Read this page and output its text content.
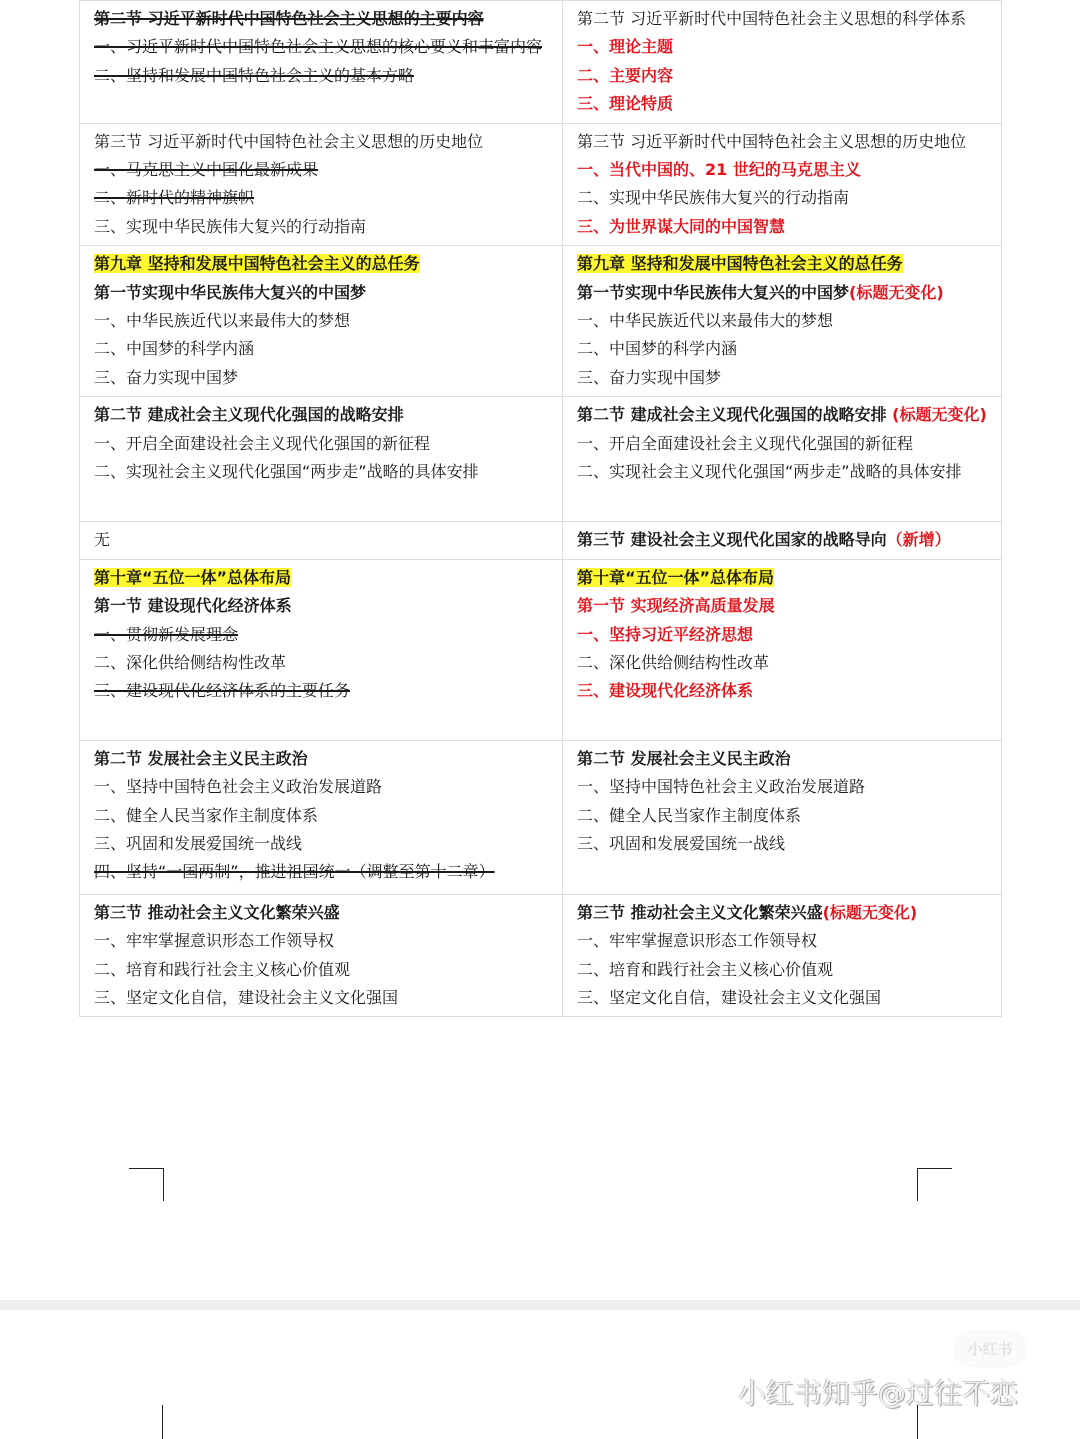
第二节 习近平新时代中国特色社会主义思想的主要内容
一、习近平新时代中国特色社会主义思想的核心要义和丰富内容
二、坚持和发展中国特色社会主义的基本方略	第二节 习近平新时代中国特色社会主义思想的科学体系
一、理论主题
二、主要内容
三、理论特质

第三节 习近平新时代中国特色社会主义思想的历史地位
一、马克思主义中国化最新成果
二、新时代的精神旗帜
三、实现中华民族伟大复兴的行动指南	第三节 习近平新时代中国特色社会主义思想的历史地位
一、当代中国的、21 世纪的马克思主义
二、实现中华民族伟大复兴的行动指南
三、为世界谋大同的中国智慧

第九章 坚持和发展中国特色社会主义的总任务
第一节实现中华民族伟大复兴的中国梦
一、中华民族近代以来最伟大的梦想
二、中国梦的科学内涵
三、奋力实现中国梦	第九章 坚持和发展中国特色社会主义的总任务
第一节实现中华民族伟大复兴的中国梦(标题无变化)
一、中华民族近代以来最伟大的梦想
二、中国梦的科学内涵
三、奋力实现中国梦

第二节 建成社会主义现代化强国的战略安排
一、开启全面建设社会主义现代化强国的新征程
二、实现社会主义现代化强国“两步走”战略的具体安排	第二节 建成社会主义现代化强国的战略安排 (标题无变化)
一、开启全面建设社会主义现代化强国的新征程
二、实现社会主义现代化强国“两步走”战略的具体安排

无	第三节 建设社会主义现代化国家的战略导向（新增）

第十章“五位一体”总体布局
第一节 建设现代化经济体系
一、贯彻新发展理念
二、深化供给侧结构性改革
三、建设现代化经济体系的主要任务	第十章“五位一体”总体布局
第一节 实现经济高质量发展
一、坚持习近平经济思想
二、深化供给侧结构性改革
三、建设现代化经济体系

第二节 发展社会主义民主政治
一、坚持中国特色社会主义政治发展道路
二、健全人民当家作主制度体系
三、巩固和发展爱国统一战线
四、坚持“一国两制”，推进祖国统一（调整至第十二章）	第二节 发展社会主义民主政治
一、坚持中国特色社会主义政治发展道路
二、健全人民当家作主制度体系
三、巩固和发展爱国统一战线

第三节 推动社会主义文化繁荣兴盛
一、牢牢掌握意识形态工作领导权
二、培育和践行社会主义核心价值观
三、坚定文化自信，建设社会主义文化强国	第三节 推动社会主义文化繁荣兴盛(标题无变化)
一、牢牢掌握意识形态工作领导权
二、培育和践行社会主义核心价值观
三、坚定文化自信，建设社会主义文化强国
小红书
小红书知乎@过往不恋
